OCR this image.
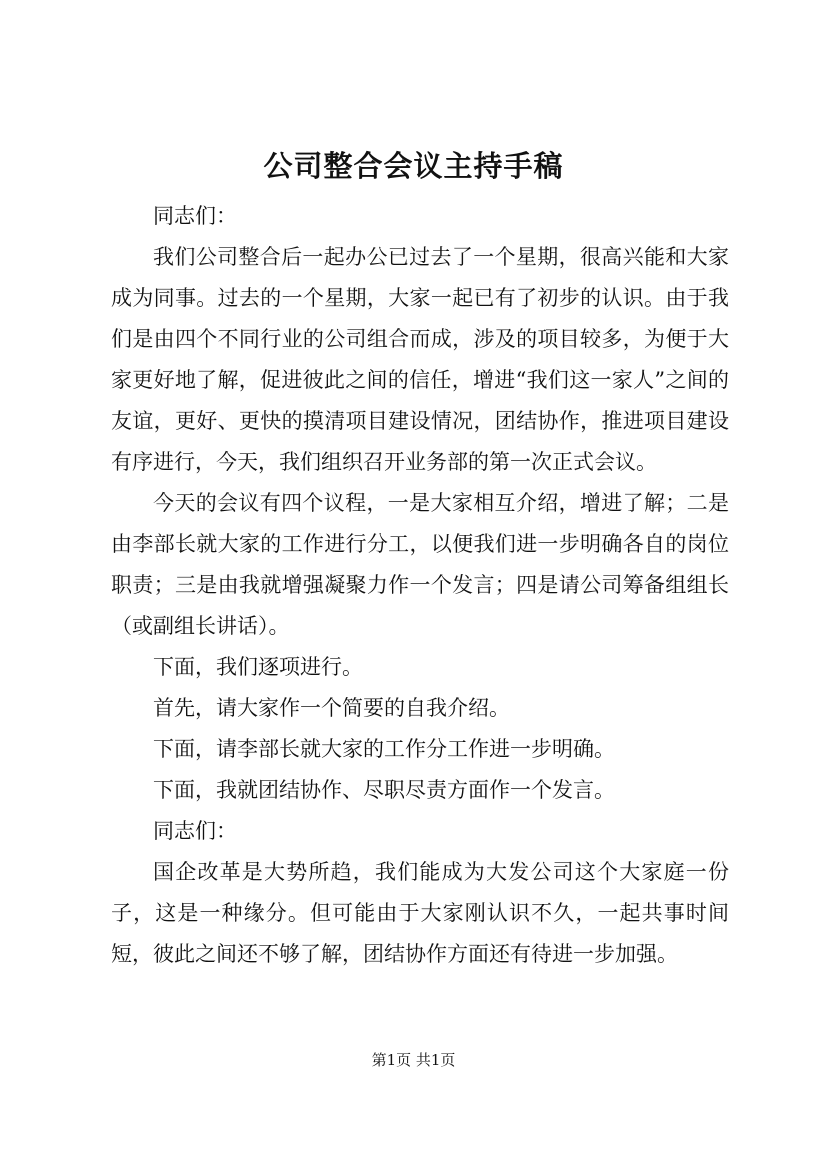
公司整合会议主持手稿

同志们：

我们公司整合后一起办公已过去了一个星期，很高兴能和大家成为同事。过去的一个星期，大家一起已有了初步的认识。由于我们是由四个不同行业的公司组合而成，涉及的项目较多，为便于大家更好地了解，促进彼此之间的信任，增进“我们这一家人”之间的友谊，更好、更快的摸清项目建设情况，团结协作，推进项目建设有序进行，今天，我们组织召开业务部的第一次正式会议。

今天的会议有四个议程，一是大家相互介绍，增进了解；二是由李部长就大家的工作进行分工，以便我们进一步明确各自的岗位职责；三是由我就增强凝聚力作一个发言；四是请公司筹备组组长（或副组长讲话）。

下面，我们逐项进行。

首先，请大家作一个简要的自我介绍。

下面，请李部长就大家的工作分工作进一步明确。

下面，我就团结协作、尽职尽责方面作一个发言。

同志们：

国企改革是大势所趋，我们能成为大发公司这个大家庭一份子，这是一种缘分。但可能由于大家刚认识不久，一起共事时间短，彼此之间还不够了解，团结协作方面还有待进一步加强。

第1页 共1页
